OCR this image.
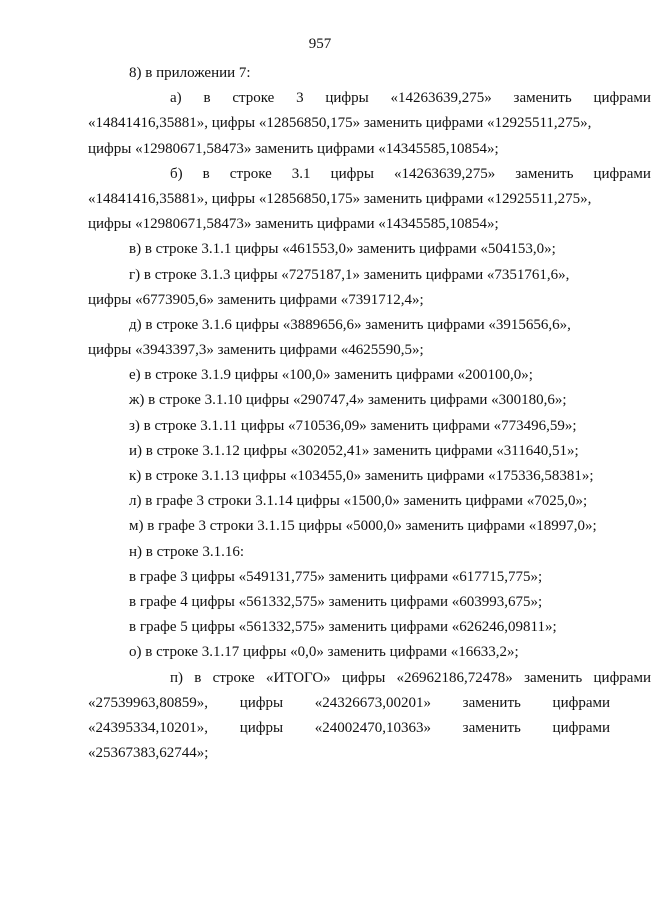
957
8) в приложении 7:
а) в строке 3 цифры «14263639,275» заменить цифрами
«14841416,35881», цифры «12856850,175» заменить цифрами «12925511,275»,
цифры «12980671,58473» заменить цифрами «14345585,10854»;
б) в строке 3.1 цифры «14263639,275» заменить цифрами
«14841416,35881», цифры «12856850,175» заменить цифрами «12925511,275»,
цифры «12980671,58473» заменить цифрами «14345585,10854»;
в) в строке 3.1.1 цифры «461553,0» заменить цифрами «504153,0»;
г) в строке 3.1.3 цифры «7275187,1» заменить цифрами «7351761,6»,
цифры «6773905,6» заменить цифрами «7391712,4»;
д) в строке 3.1.6 цифры «3889656,6» заменить цифрами «3915656,6»,
цифры «3943397,3» заменить цифрами «4625590,5»;
е) в строке 3.1.9 цифры «100,0» заменить цифрами «200100,0»;
ж) в строке 3.1.10 цифры «290747,4» заменить цифрами «300180,6»;
з) в строке 3.1.11 цифры «710536,09» заменить цифрами «773496,59»;
и) в строке 3.1.12 цифры «302052,41» заменить цифрами «311640,51»;
к) в строке 3.1.13 цифры «103455,0» заменить цифрами «175336,58381»;
л) в графе 3 строки 3.1.14 цифры «1500,0» заменить цифрами «7025,0»;
м) в графе 3 строки 3.1.15 цифры «5000,0» заменить цифрами «18997,0»;
н) в строке 3.1.16:
в графе 3 цифры «549131,775» заменить цифрами «617715,775»;
в графе 4 цифры «561332,575» заменить цифрами «603993,675»;
в графе 5 цифры «561332,575» заменить цифрами «626246,09811»;
о) в строке 3.1.17 цифры «0,0» заменить цифрами «16633,2»;
п) в строке «ИТОГО» цифры «26962186,72478» заменить цифрами
«27539963,80859», цифры «24326673,00201» заменить цифрами
«24395334,10201», цифры «24002470,10363» заменить цифрами
«25367383,62744»;
